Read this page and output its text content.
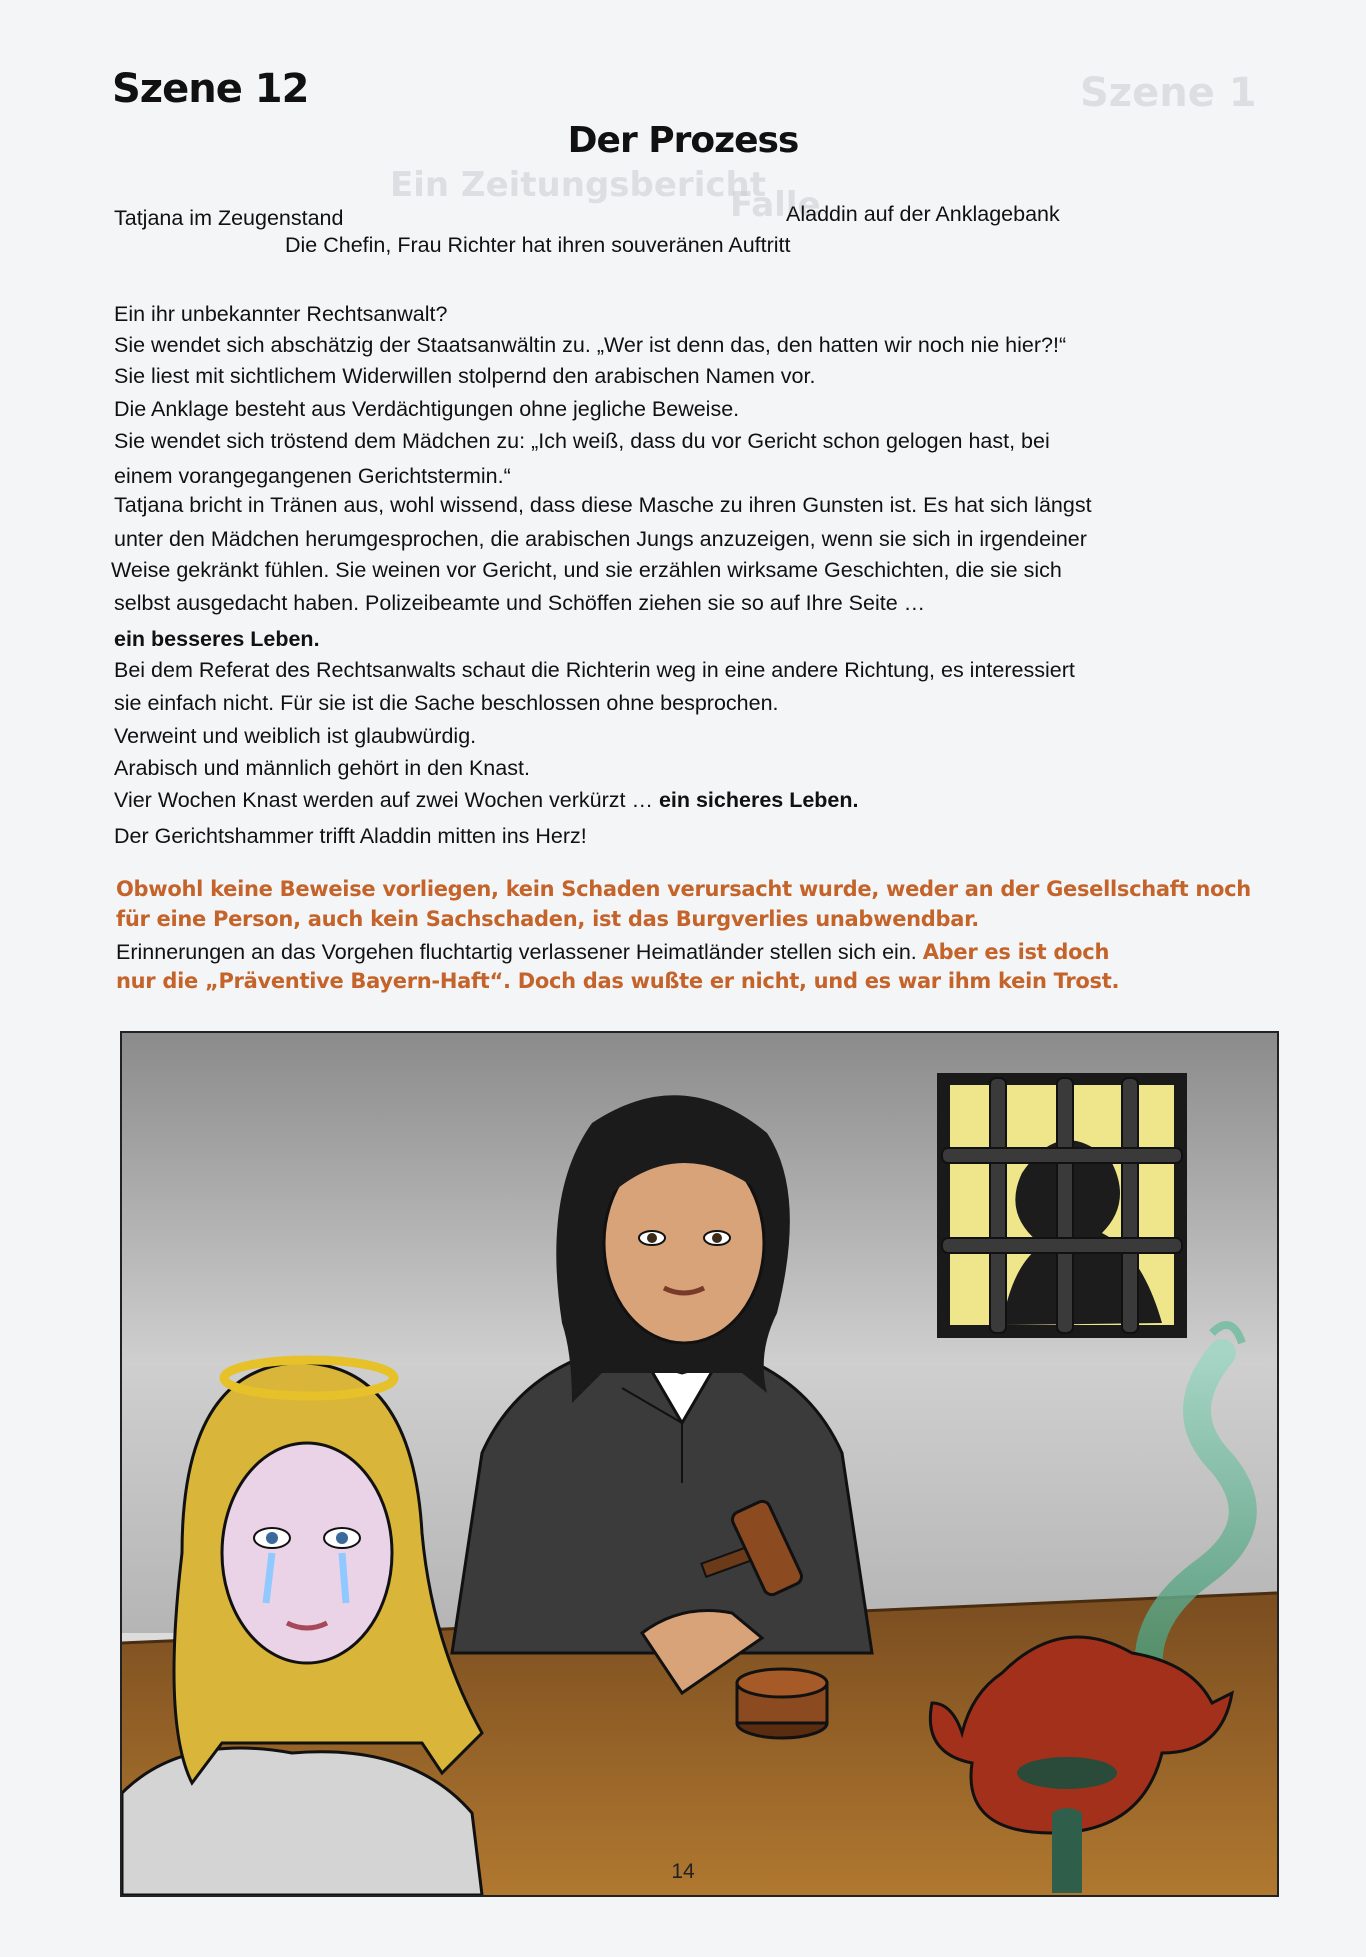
Szene 1
Ein Zeitungsbericht
Falle
Szene 12
Der Prozess
Tatjana im Zeugenstand	Aladdin auf der Anklagebank
Die Chefin, Frau Richter hat ihren souveränen Auftritt
Ein ihr unbekannter Rechtsanwalt?
Sie wendet sich abschätzig der Staatsanwältin zu. „Wer ist denn das, den hatten wir noch nie hier?!“
Sie liest mit sichtlichem Widerwillen stolpernd den arabischen Namen vor.
Die Anklage besteht aus Verdächtigungen ohne jegliche Beweise.
Sie wendet sich tröstend dem Mädchen zu: „Ich weiß, dass du vor Gericht schon gelogen hast, bei
einem vorangegangenen Gerichtstermin.“
Tatjana bricht in Tränen aus, wohl wissend, dass diese Masche zu ihren Gunsten ist. Es hat sich längst
unter den Mädchen herumgesprochen, die arabischen Jungs anzuzeigen, wenn sie sich in irgendeiner
Weise gekränkt fühlen. Sie weinen vor Gericht, und sie erzählen wirksame Geschichten, die sie sich
selbst ausgedacht haben. Polizeibeamte und Schöffen ziehen sie so auf Ihre Seite …
ein besseres Leben.
Bei dem Referat des Rechtsanwalts schaut die Richterin weg in eine andere Richtung, es interessiert
sie einfach nicht. Für sie ist die Sache beschlossen ohne besprochen.
Verweint und weiblich ist glaubwürdig.
Arabisch und männlich gehört in den Knast.
Vier Wochen Knast werden auf zwei Wochen verkürzt … ein sicheres Leben.
Der Gerichtshammer trifft Aladdin mitten ins Herz!
Obwohl keine Beweise vorliegen, kein Schaden verursacht wurde, weder an der Gesellschaft noch
für eine Person, auch kein Sachschaden, ist das Burgverlies unabwendbar.
Erinnerungen an das Vorgehen fluchtartig verlassener Heimatländer stellen sich ein. Aber es ist doch
nur die „Präventive Bayern-Haft“. Doch das wußte er nicht, und es war ihm kein Trost.
14
